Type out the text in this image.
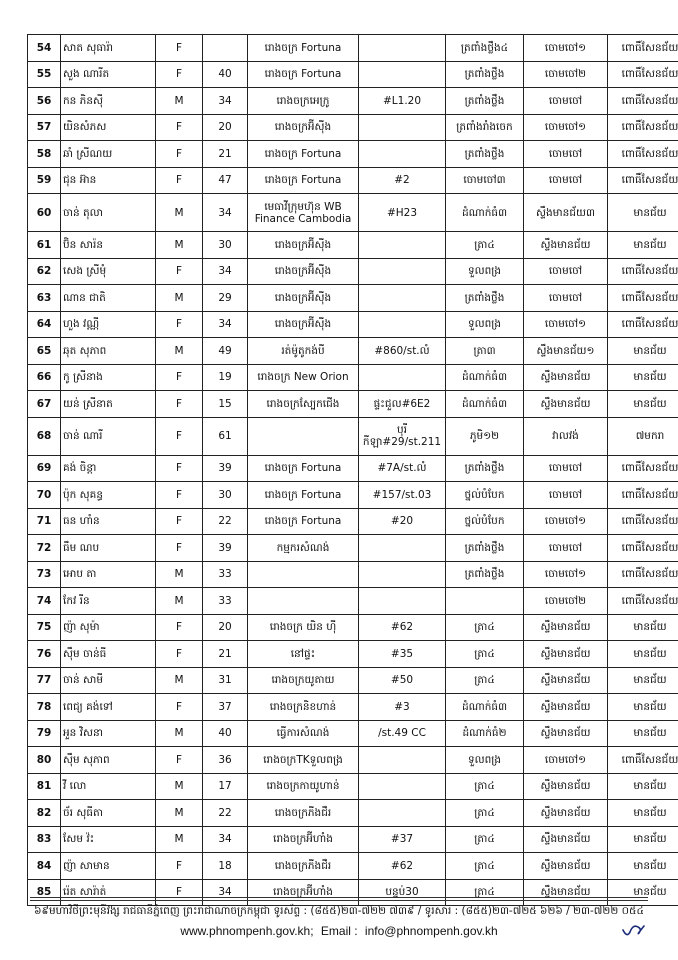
54	សាត សុធារ៉ា	F		រោងចក្រ Fortuna		ត្រពាំងថ្លឹង៤	ចោមចៅ១	ពោធិ៍សែនជ័យ
55	សួង ណារីត	F	40	រោងចក្រ Fortuna		ត្រពាំងថ្លឹង	ចោមចៅ២	ពោធិ៍សែនជ័យ
56	កន ភិនស៊ី	M	34	រោងចក្រអេក្រូ	#L1.20	ត្រពាំងថ្លឹង	ចោមចៅ	ពោធិ៍សែនជ័យ
57	យិនសំភស	F	20	រោងចក្រអ៊ីស៊ីង		ត្រពាំងរាំងចេក	ចោមចៅ១	ពោធិ៍សែនជ័យ
58	ឆាំ ស្រីណយ	F	21	រោងចក្រ Fortuna		ត្រពាំងថ្លឹង	ចោមចៅ	ពោធិ៍សែនជ័យ
59	ជុន អ៊ាន	F	47	រោងចក្រ Fortuna	#2	ចោមចៅ៣	ចោមចៅ	ពោធិ៍សែនជ័យ
60	ចាន់ តុលា	M	34	មេធាវីក្រុមហ៊ុន WB Finance Cambodia	#H23	ដំណាក់ធំ៣	ស្ទឹងមានជ័យ៣	មានជ័យ
61	ប៊ិន សារ៉ន	M	30	រោងចក្រអ៊ីស៊ីង		ត្រា៤	ស្ទឹងមានជ័យ	មានជ័យ
62	សេង ស្រីមុំ	F	34	រោងចក្រអ៊ីស៊ីង		ទួលពង្រ	ចោមចៅ	ពោធិ៍សែនជ័យ
63	ណាន ជាតិ	M	29	រោងចក្រអ៊ីស៊ីង		ត្រពាំងថ្លឹង	ចោមចៅ	ពោធិ៍សែនជ័យ
64	ហួង វណ្ណី	F	34	រោងចក្រអ៊ីស៊ីង		ទួលពង្រ	ចោមចៅ១	ពោធិ៍សែនជ័យ
65	ឆុត សុភាព	M	49	រត់ម៉ូតូកង់បី	#860/st.លំ	ត្រា៣	ស្ទឹងមានជ័យ១	មានជ័យ
66	កូ ស្រីនាង	F	19	រោងចក្រ New Orion		ដំណាក់ធំ៣	ស្ទឹងមានជ័យ	មានជ័យ
67	យន់ ស្រីនាត	F	15	រោងចក្រស្បែកជើង	ផ្ទះជួល#6E2	ដំណាក់ធំ៣	ស្ទឹងមានជ័យ	មានជ័យ
68	ចាន់ ណារី	F	61		បុរី កីឡា#29/st.211	ភូមិ១២	វាលវង់	៧មករា
69	គង់ ចិន្តា	F	39	រោងចក្រ Fortuna	#7A/st.លំ	ត្រពាំងថ្លឹង	ចោមចៅ	ពោធិ៍សែនជ័យ
70	ប៉ុក សុគន្ធ	F	30	រោងចក្រ Fortuna	#157/st.03	ថ្នល់បំបែក	ចោមចៅ	ពោធិ៍សែនជ័យ
71	ធន ហាំន	F	22	រោងចក្រ Fortuna	#20	ថ្នល់បំបែក	ចោមចៅ១	ពោធិ៍សែនជ័យ
72	ធឹម ណប	F	39	កម្មករសំណង់		ត្រពាំងថ្លឹង	ចោមចៅ	ពោធិ៍សែនជ័យ
73	អោប តា	M	33			ត្រពាំងថ្លឹង	ចោមចៅ១	ពោធិ៍សែនជ័យ
74	កែវ រីន	M	33				ចោមចៅ២	ពោធិ៍សែនជ័យ
75	ញ៉ា សុម៉ា	F	20	រោងចក្រ យិន ហ៊ី	#62	ត្រា៤	ស្ទឹងមានជ័យ	មានជ័យ
76	ស៊ឹម ចាន់ធី	F	21	នៅផ្ទះ	#35	ត្រា៤	ស្ទឹងមានជ័យ	មានជ័យ
77	ចាន់ សាមី	M	31	រោងចក្រយូតាយ	#50	ត្រា៤	ស្ទឹងមានជ័យ	មានជ័យ
78	ពេជ្យ គង់ទៅ	F	37	រោងចក្រនិខហាន់	#3	ដំណាក់ធំ៣	ស្ទឹងមានជ័យ	មានជ័យ
79	អួន វិសនា	M	40	ធ្វើការសំណង់	/st.49 CC	ដំណាក់ធំ២	ស្ទឹងមានជ័យ	មានជ័យ
80	ស៊ឹម សុភាព	F	36	រោងចក្រTKទួលពង្រ		ទួលពង្រ	ចោមចៅ១	ពោធិ៍សែនជ័យ
81	វី លោ	M	17	រោងចក្រកាយូហាន់		ត្រា៤	ស្ទឹងមានជ័យ	មានជ័យ
82	ច័រ សុធីតា	M	22	រោងចក្រភីងជឺរ		ត្រា៤	ស្ទឹងមានជ័យ	មានជ័យ
83	សែម វ៉ះ	M	34	រោងចក្រអ៊ីហាំង	#37	ត្រា៤	ស្ទឹងមានជ័យ	មានជ័យ
84	ញ៉ា សាមាន	F	18	រោងចក្រភីងជឺរ	#62	ត្រា៤	ស្ទឹងមានជ័យ	មានជ័យ
85	រ៉េត សារ៉ាត់	F	34	រោងចក្រអ៊ីហាំង	បន្ទប់30	ត្រា៤	ស្ទឹងមានជ័យ	មានជ័យ
៦៩មហាវិថីព្រះមុនីវង្ស រាជធានីភ្នំពេញ ព្រះរាជាណាចក្រកម្ពុជា ទូរស័ព្ទ : (៨៥៥)២៣-៧២២ ៧៣៩ / ទូរសារ : (៨៥៥)២៣-៧២៥ ៦២៦ / ២៣-៧២២ ០៥៤
www.phnompenh.gov.kh; Email : info@phnompenh.gov.kh
